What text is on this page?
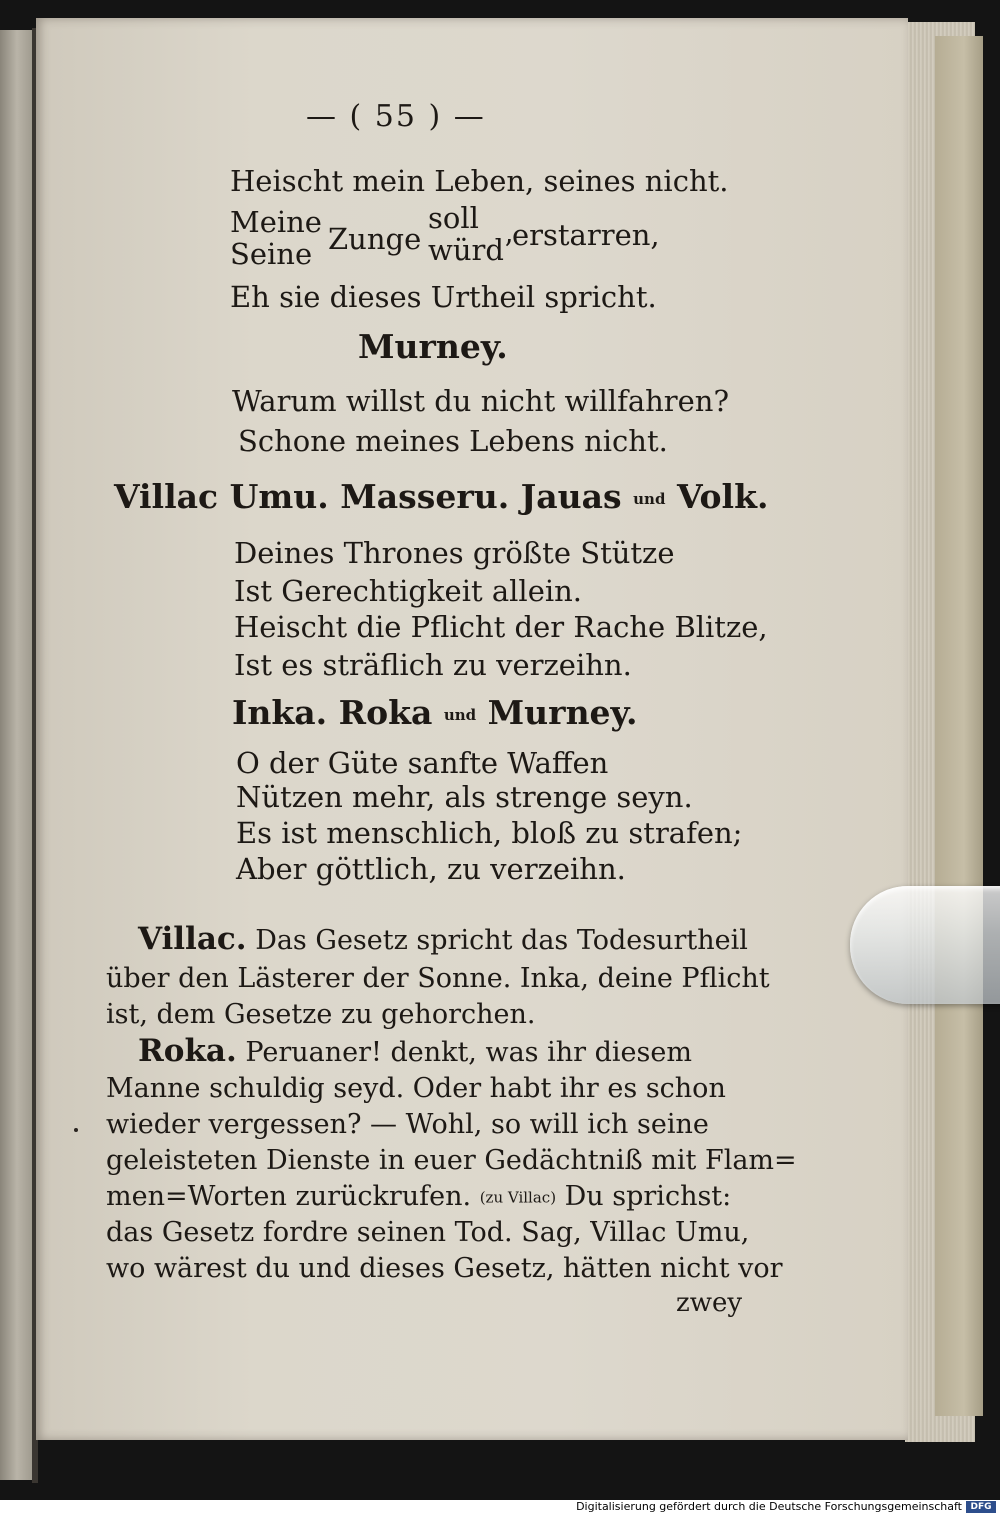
— ( 55 ) —
Heischt mein Leben, seines nicht.
Meine
Seine Zunge
soll
würd’
erstarren,
Eh sie dieses Urtheil spricht.
Murney.
Warum willst du nicht willfahren?
Schone meines Lebens nicht.
Villac Umu. Masseru. Jauas und Volk.
Deines Thrones größte Stütze
Ist Gerechtigkeit allein.
Heischt die Pflicht der Rache Blitze,
Ist es sträflich zu verzeihn.
Inka. Roka und Murney.
O der Güte sanfte Waffen
Nützen mehr, als strenge seyn.
Es ist menschlich, bloß zu strafen;
Aber göttlich, zu verzeihn.
Villac. Das Gesetz spricht das Todesurtheil
über den Lästerer der Sonne. Inka, deine Pflicht
ist, dem Gesetze zu gehorchen.
Roka. Peruaner! denkt, was ihr diesem
Manne schuldig seyd. Oder habt ihr es schon
wieder vergessen? — Wohl, so will ich seine
geleisteten Dienste in euer Gedächtniß mit Flam=
men=Worten zurückrufen. (zu Villac) Du sprichst:
das Gesetz fordre seinen Tod. Sag, Villac Umu,
wo wärest du und dieses Gesetz, hätten nicht vor
zwey
Digitalisierung gefördert durch die Deutsche Forschungsgemeinschaft DFG
